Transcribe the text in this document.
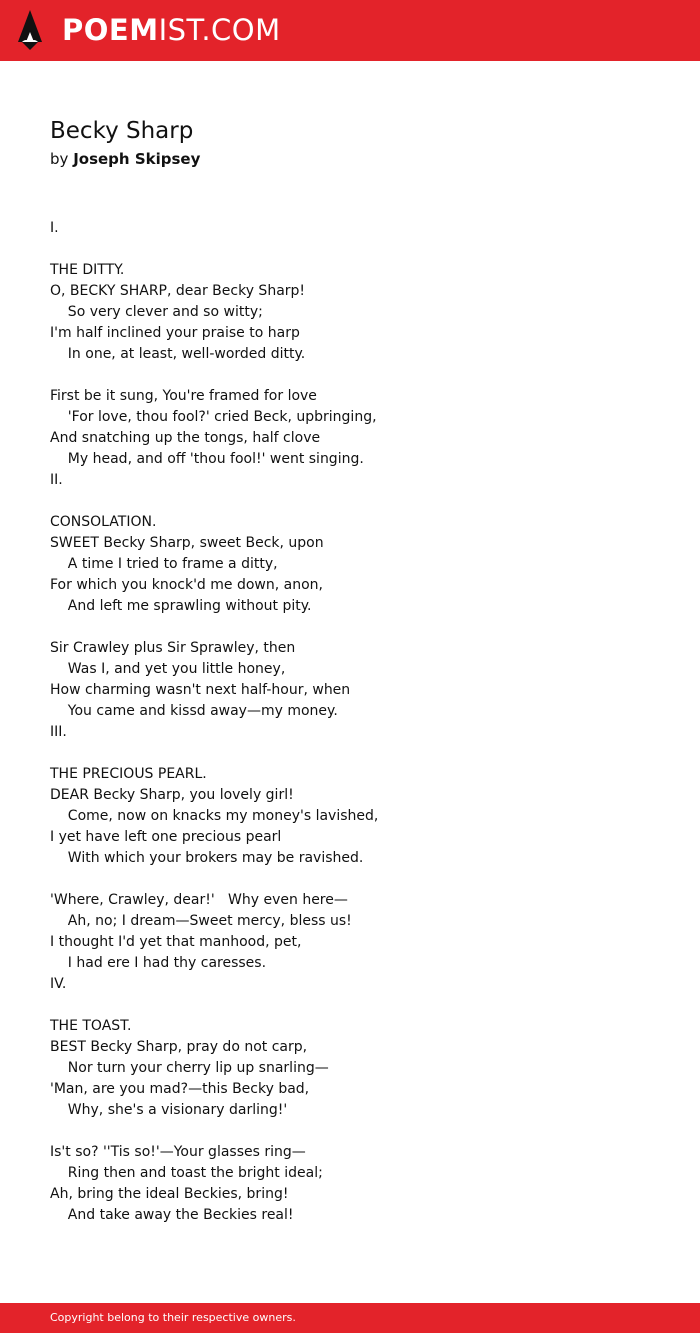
POEMIST.COM
Becky Sharp
by Joseph Skipsey
I.
THE DITTY.
O, BECKY SHARP, dear Becky Sharp!
So very clever and so witty;
I'm half inclined your praise to harp
In one, at least, well-worded ditty.
First be it sung, You're framed for love
'For love, thou fool?' cried Beck, upbringing,
And snatching up the tongs, half clove
My head, and off 'thou fool!' went singing.
II.
CONSOLATION.
SWEET Becky Sharp, sweet Beck, upon
A time I tried to frame a ditty,
For which you knock'd me down, anon,
And left me sprawling without pity.
Sir Crawley plus Sir Sprawley, then
Was I, and yet you little honey,
How charming wasn't next half-hour, when
You came and kissd away—my money.
III.
THE PRECIOUS PEARL.
DEAR Becky Sharp, you lovely girl!
Come, now on knacks my money's lavished,
I yet have left one precious pearl
With which your brokers may be ravished.
'Where, Crawley, dear!'   Why even here—
Ah, no; I dream—Sweet mercy, bless us!
I thought I'd yet that manhood, pet,
I had ere I had thy caresses.
IV.
THE TOAST.
BEST Becky Sharp, pray do not carp,
Nor turn your cherry lip up snarling—
'Man, are you mad?—this Becky bad,
Why, she's a visionary darling!'
Is't so? ''Tis so!'—Your glasses ring—
Ring then and toast the bright ideal;
Ah, bring the ideal Beckies, bring!
And take away the Beckies real!
Copyright belong to their respective owners.
